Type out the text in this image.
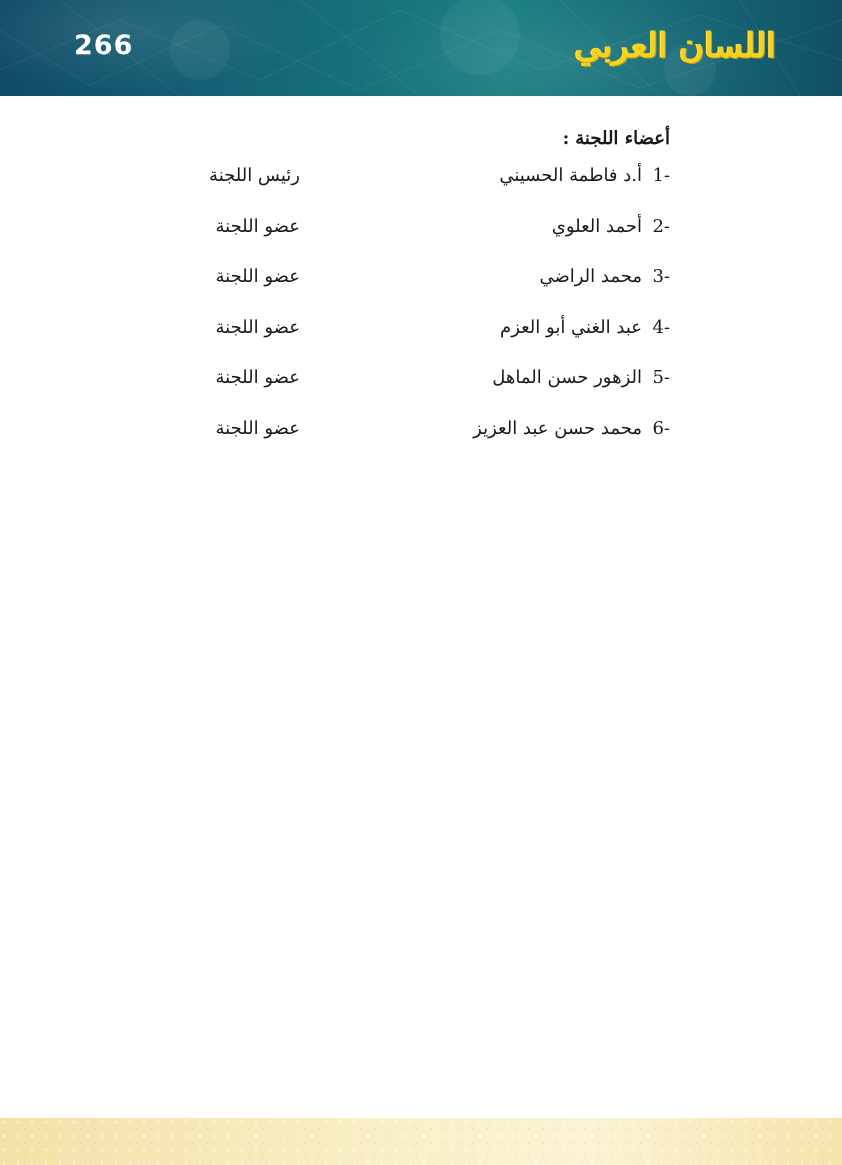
266	اللسان العربي
أعضاء اللجنة:
1-
أ.د فاطمة الحسيني
رئيس اللجنة
2-
أحمد العلوي
عضو اللجنة
3-
محمد الراضي
عضو اللجنة
4-
عبد الغني أبو العزم
عضو اللجنة
5-
الزهور حسن الماهل
عضو اللجنة
6-
محمد حسن عبد العزيز
عضو اللجنة
